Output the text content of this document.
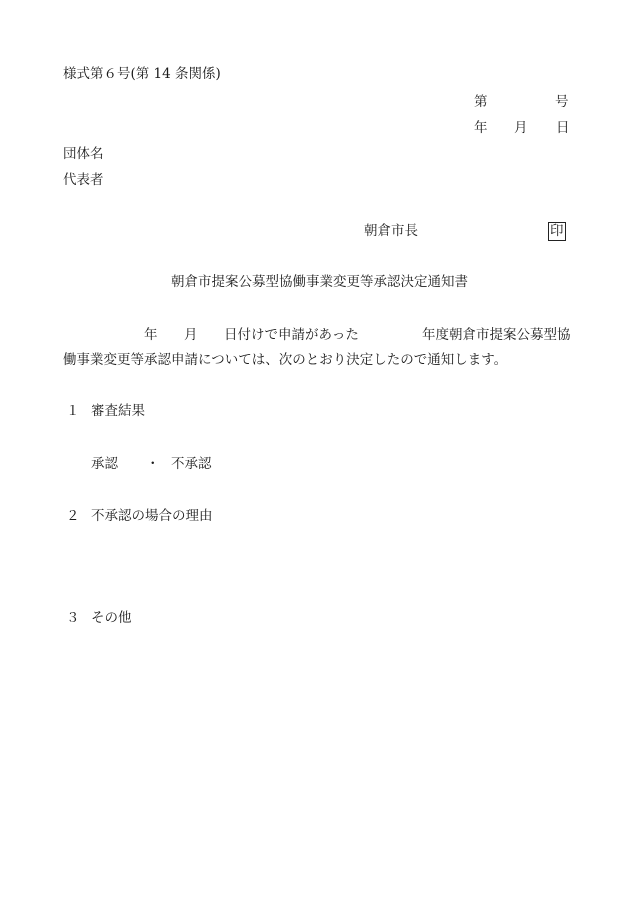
様式第６号(第 14 条関係)
第	号
年 月 日
団体名
代表者
朝倉市長	印
朝倉市提案公募型協働事業変更等承認決定通知書
年 月 日付けで申請があった	年度朝倉市提案公募型協
働事業変更等承認申請については、次のとおり決定したので通知します。
１ 審査結果
承認 ・ 不承認
２ 不承認の場合の理由
３ その他
